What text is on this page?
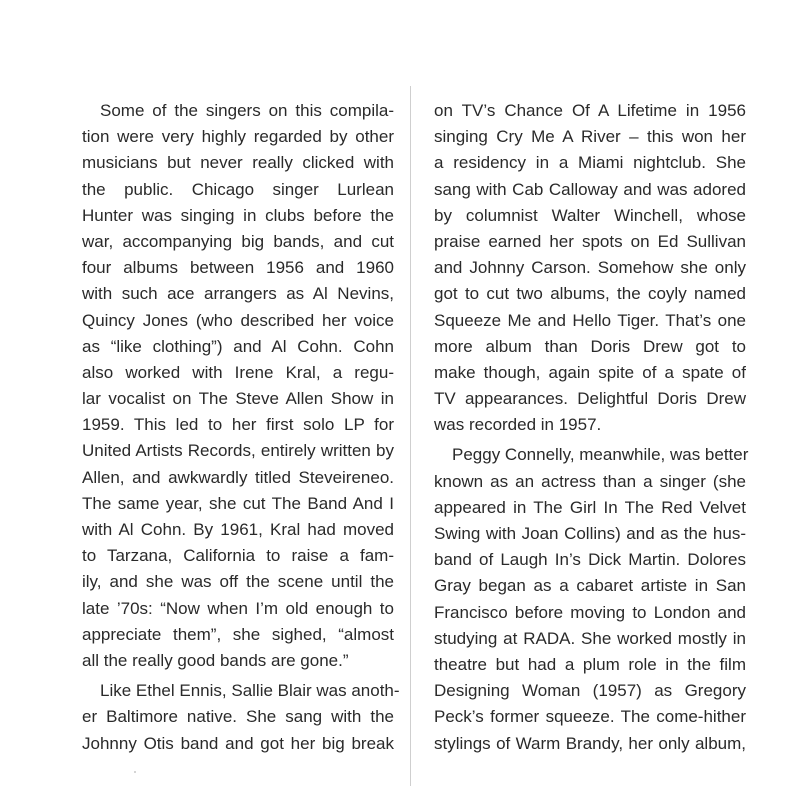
Some of the singers on this compila-
tion were very highly regarded by other
musicians but never really clicked with
the public. Chicago singer Lurlean
Hunter was singing in clubs before the
war, accompanying big bands, and cut
four albums between 1956 and 1960
with such ace arrangers as Al Nevins,
Quincy Jones (who described her voice
as “like clothing”) and Al Cohn. Cohn
also worked with Irene Kral, a regu-
lar vocalist on The Steve Allen Show in
1959. This led to her first solo LP for
United Artists Records, entirely written by
Allen, and awkwardly titled Steveireneo.
The same year, she cut The Band And I
with Al Cohn. By 1961, Kral had moved
to Tarzana, California to raise a fam-
ily, and she was off the scene until the
late ’70s: “Now when I’m old enough to
appreciate them”, she sighed, “almost
all the really good bands are gone.”
Like Ethel Ennis, Sallie Blair was anoth-
er Baltimore native. She sang with the
Johnny Otis band and got her big break
on TV’s Chance Of A Lifetime in 1956
singing Cry Me A River – this won her
a residency in a Miami nightclub. She
sang with Cab Calloway and was adored
by columnist Walter Winchell, whose
praise earned her spots on Ed Sullivan
and Johnny Carson. Somehow she only
got to cut two albums, the coyly named
Squeeze Me and Hello Tiger. That’s one
more album than Doris Drew got to
make though, again spite of a spate of
TV appearances. Delightful Doris Drew
was recorded in 1957.
Peggy Connelly, meanwhile, was better
known as an actress than a singer (she
appeared in The Girl In The Red Velvet
Swing with Joan Collins) and as the hus-
band of Laugh In’s Dick Martin. Dolores
Gray began as a cabaret artiste in San
Francisco before moving to London and
studying at RADA. She worked mostly in
theatre but had a plum role in the film
Designing Woman (1957) as Gregory
Peck’s former squeeze. The come-hither
stylings of Warm Brandy, her only album,
